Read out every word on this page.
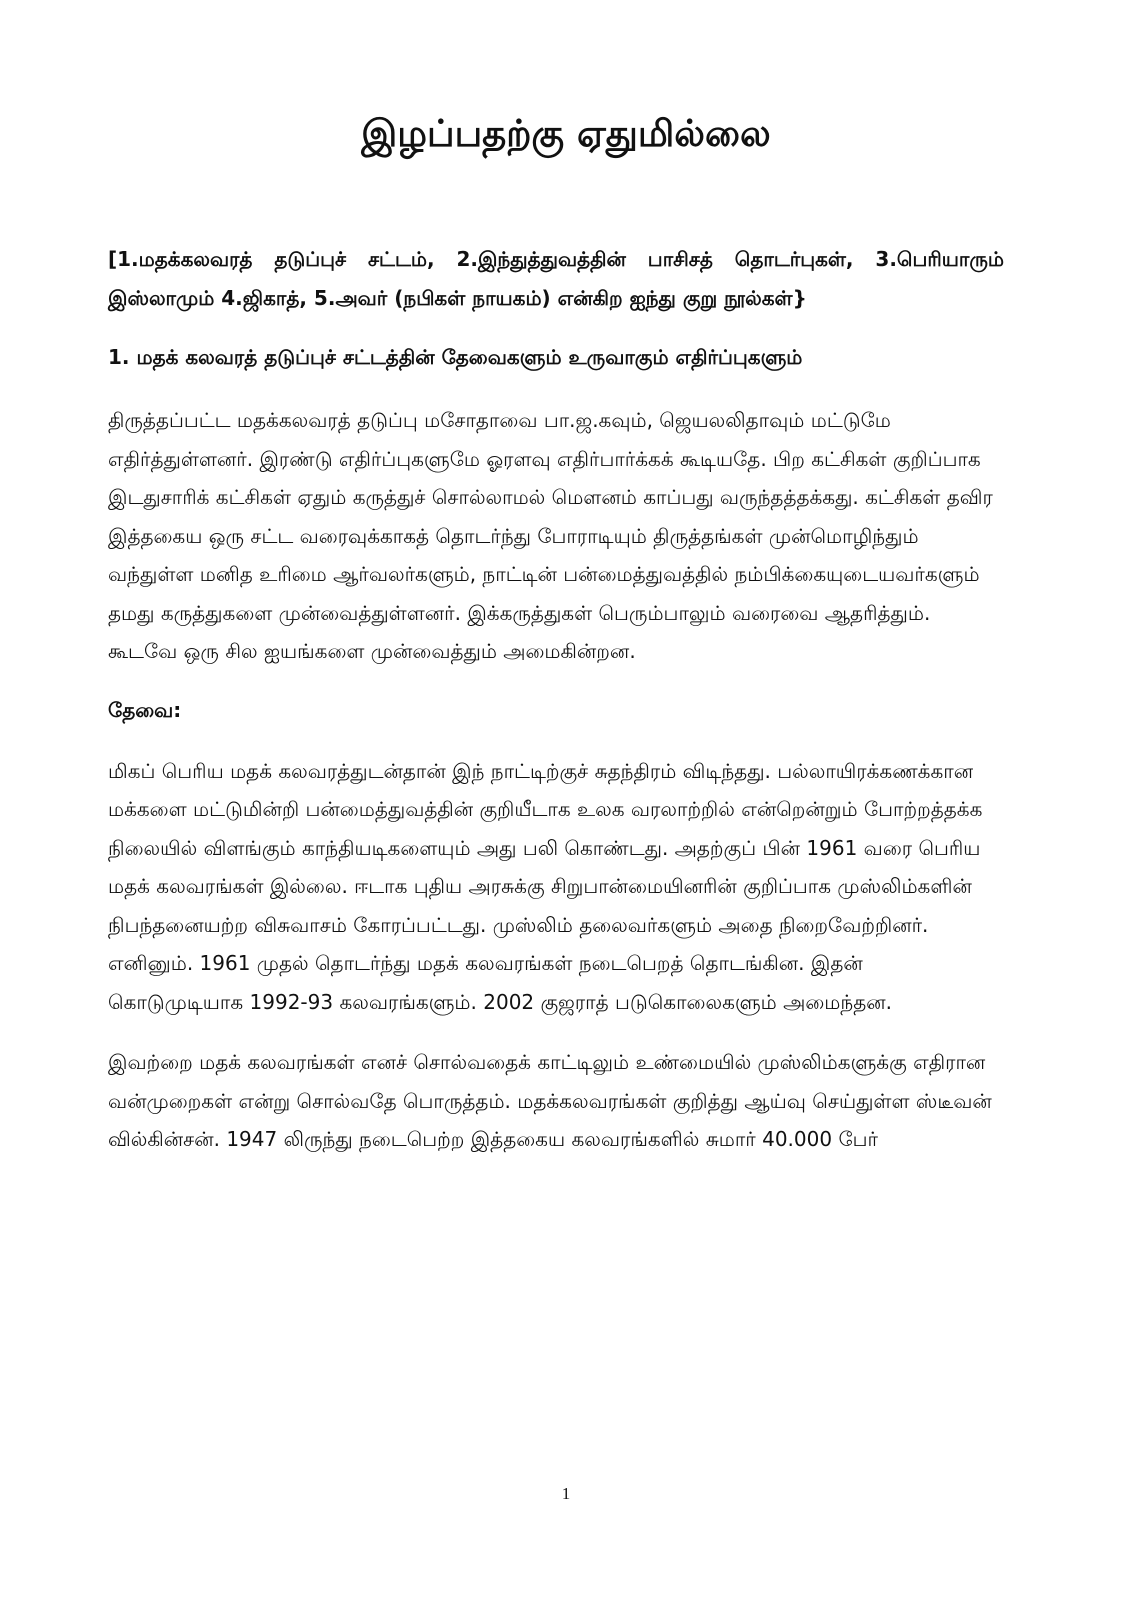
இழப்பதற்கு ஏதுமில்லை

[1.மதக்கலவரத் தடுப்புச் சட்டம், 2.இந்துத்துவத்தின் பாசிசத் தொடர்புகள், 3.பெரியாரும் இஸ்லாமும் 4.ஜிகாத், 5.அவர் (நபிகள் நாயகம்) என்கிற ஐந்து குறு நூல்கள்}

1. மதக் கலவரத் தடுப்புச் சட்டத்தின் தேவைகளும் உருவாகும் எதிர்ப்புகளும்

திருத்தப்பட்ட மதக்கலவரத் தடுப்பு மசோதாவை பா.ஜ.கவும், ஜெயலலிதாவும் மட்டுமே எதிர்த்துள்ளனர். இரண்டு எதிர்ப்புகளுமே ஓரளவு எதிர்பார்க்கக் கூடியதே. பிற கட்சிகள் குறிப்பாக இடதுசாரிக் கட்சிகள் ஏதும் கருத்துச் சொல்லாமல் மௌனம் காப்பது வருந்தத்தக்கது. கட்சிகள் தவிர இத்தகைய ஒரு சட்ட வரைவுக்காகத் தொடர்ந்து போராடியும் திருத்தங்கள் முன்மொழிந்தும் வந்துள்ள மனித உரிமை ஆர்வலர்களும், நாட்டின் பன்மைத்துவத்தில் நம்பிக்கையுடையவர்களும் தமது கருத்துகளை முன்வைத்துள்ளனர். இக்கருத்துகள் பெரும்பாலும் வரைவை ஆதரித்தும். கூடவே ஒரு சில ஐயங்களை முன்வைத்தும் அமைகின்றன.

தேவை:

மிகப் பெரிய மதக் கலவரத்துடன்தான் இந் நாட்டிற்குச் சுதந்திரம் விடிந்தது. பல்லாயிரக்கணக்கான மக்களை மட்டுமின்றி பன்மைத்துவத்தின் குறியீடாக உலக வரலாற்றில் என்றென்றும் போற்றத்தக்க நிலையில் விளங்கும் காந்தியடிகளையும் அது பலி கொண்டது. அதற்குப் பின் 1961 வரை பெரிய மதக் கலவரங்கள் இல்லை. ஈடாக புதிய அரசுக்கு சிறுபான்மையினரின் குறிப்பாக முஸ்லிம்களின் நிபந்தனையற்ற விசுவாசம் கோரப்பட்டது. முஸ்லிம் தலைவர்களும் அதை நிறைவேற்றினர். எனினும். 1961 முதல் தொடர்ந்து மதக் கலவரங்கள் நடைபெறத் தொடங்கின. இதன் கொடுமுடியாக 1992-93 கலவரங்களும். 2002 குஜராத் படுகொலைகளும் அமைந்தன.

இவற்றை மதக் கலவரங்கள் எனச் சொல்வதைக் காட்டிலும் உண்மையில் முஸ்லிம்களுக்கு எதிரான வன்முறைகள் என்று சொல்வதே பொருத்தம். மதக்கலவரங்கள் குறித்து ஆய்வு செய்துள்ள ஸ்டீவன் வில்கின்சன். 1947 லிருந்து நடைபெற்ற இத்தகைய கலவரங்களில் சுமார் 40.000 பேர்

1
